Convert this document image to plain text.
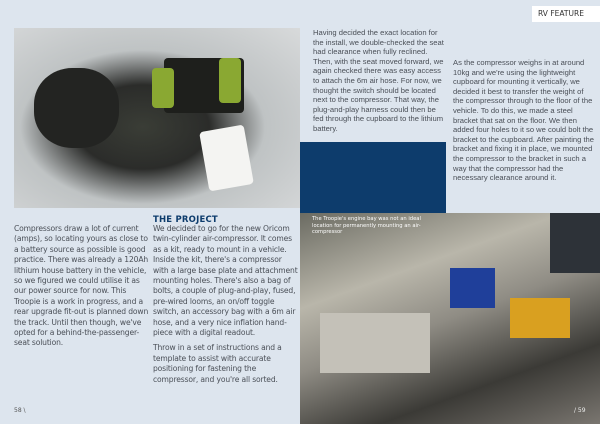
RV FEATURE
Compressors draw a lot of current (amps), so locating yours as close to a battery source as possible is good practice. There was already a 120Ah lithium house battery in the vehicle, so we figured we could utilise it as our power source for now. This Troopie is a work in progress, and a rear upgrade fit-out is planned down the track. Until then though, we've opted for a behind-the-passenger-seat solution.
THE PROJECT

We decided to go for the new Oricom twin-cylinder air-compressor. It comes as a kit, ready to mount in a vehicle. Inside the kit, there's a compressor with a large base plate and attachment mounting holes. There's also a bag of bolts, a couple of plug-and-play, fused, pre-wired looms, an on/off toggle switch, an accessory bag with a 6m air hose, and a very nice inflation hand-piece with a digital readout.

Throw in a set of instructions and a template to assist with accurate positioning for fastening the compressor, and you're all sorted.

Having decided the exact location for the install, we double-checked the seat had clearance when fully reclined. Then, with the seat moved forward, we again checked there was easy access to attach the 6m air hose. For now, we thought the switch should be located next to the compressor. That way, the plug-and-play harness could then be fed through the cupboard to the lithium battery.
As the compressor weighs in at around 10kg and we're using the lightweight cupboard for mounting it vertically, we decided it best to transfer the weight of the compressor through to the floor of the vehicle. To do this, we made a steel bracket that sat on the floor. We then added four holes to it so we could bolt the bracket to the cupboard. After painting the bracket and fixing it in place, we mounted the compressor to the bracket in such a way that the compressor had the necessary clearance around it.
The Troopie's engine bay was not an ideal location for permanently mounting an air-compressor
58 \	/ 59
